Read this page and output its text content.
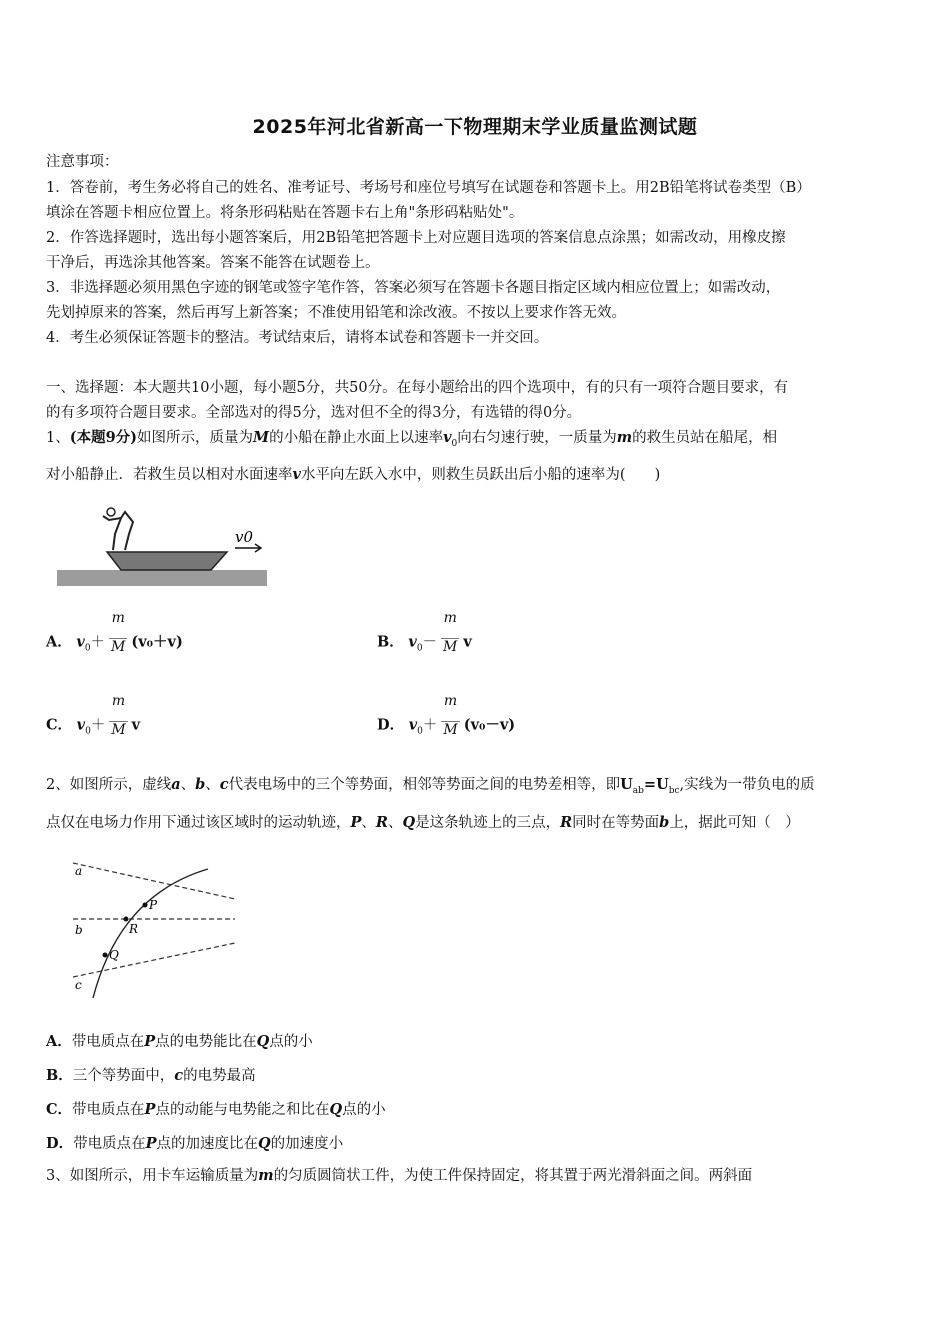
2025年河北省新高一下物理期末学业质量监测试题
注意事项：
1．答卷前，考生务必将自己的姓名、准考证号、考场号和座位号填写在试题卷和答题卡上。用2B铅笔将试卷类型（B）
填涂在答题卡相应位置上。将条形码粘贴在答题卡右上角"条形码粘贴处"。
2．作答选择题时，选出每小题答案后，用2B铅笔把答题卡上对应题目选项的答案信息点涂黑；如需改动，用橡皮擦
干净后，再选涂其他答案。答案不能答在试题卷上。
3．非选择题必须用黑色字迹的钢笔或签字笔作答，答案必须写在答题卡各题目指定区域内相应位置上；如需改动，
先划掉原来的答案，然后再写上新答案；不准使用铅笔和涂改液。不按以上要求作答无效。
4．考生必须保证答题卡的整洁。考试结束后，请将本试卷和答题卡一并交回。
一、选择题：本大题共10小题，每小题5分，共50分。在每小题给出的四个选项中，有的只有一项符合题目要求，有
的有多项符合题目要求。全部选对的得5分，选对但不全的得3分，有选错的得0分。
1、(本题9分)如图所示，质量为M的小船在静止水面上以速率$v_0$向右匀速行驶，一质量为m的救生员站在船尾，相
对小船静止．若救生员以相对水面速率v水平向左跃入水中，则救生员跃出后小船的速率为(　　)
v0
A． $v_0+ \frac{m}{M} (v_0+v)$	B． $v_0- \frac{m}{M}$ v
C． $v_0+ \frac{m}{M}$ v	D． $v_0+ \frac{m}{M} (v_0-v)$
2、如图所示，虚线a、b、c代表电场中的三个等势面，相邻等势面之间的电势差相等，即$U_{ab}=U_{bc}$,实线为一带负电的质
点仅在电场力作用下通过该区域时的运动轨迹，P、R、Q是这条轨迹上的三点，R同时在等势面b上，据此可知（　）
a
b
c
P
R
Q
A．带电质点在P点的电势能比在Q点的小
B．三个等势面中，c的电势最高
C．带电质点在P点的动能与电势能之和比在Q点的小
D．带电质点在P点的加速度比在Q的加速度小
3、如图所示，用卡车运输质量为m的匀质圆筒状工件，为使工件保持固定，将其置于两光滑斜面之间。两斜面
